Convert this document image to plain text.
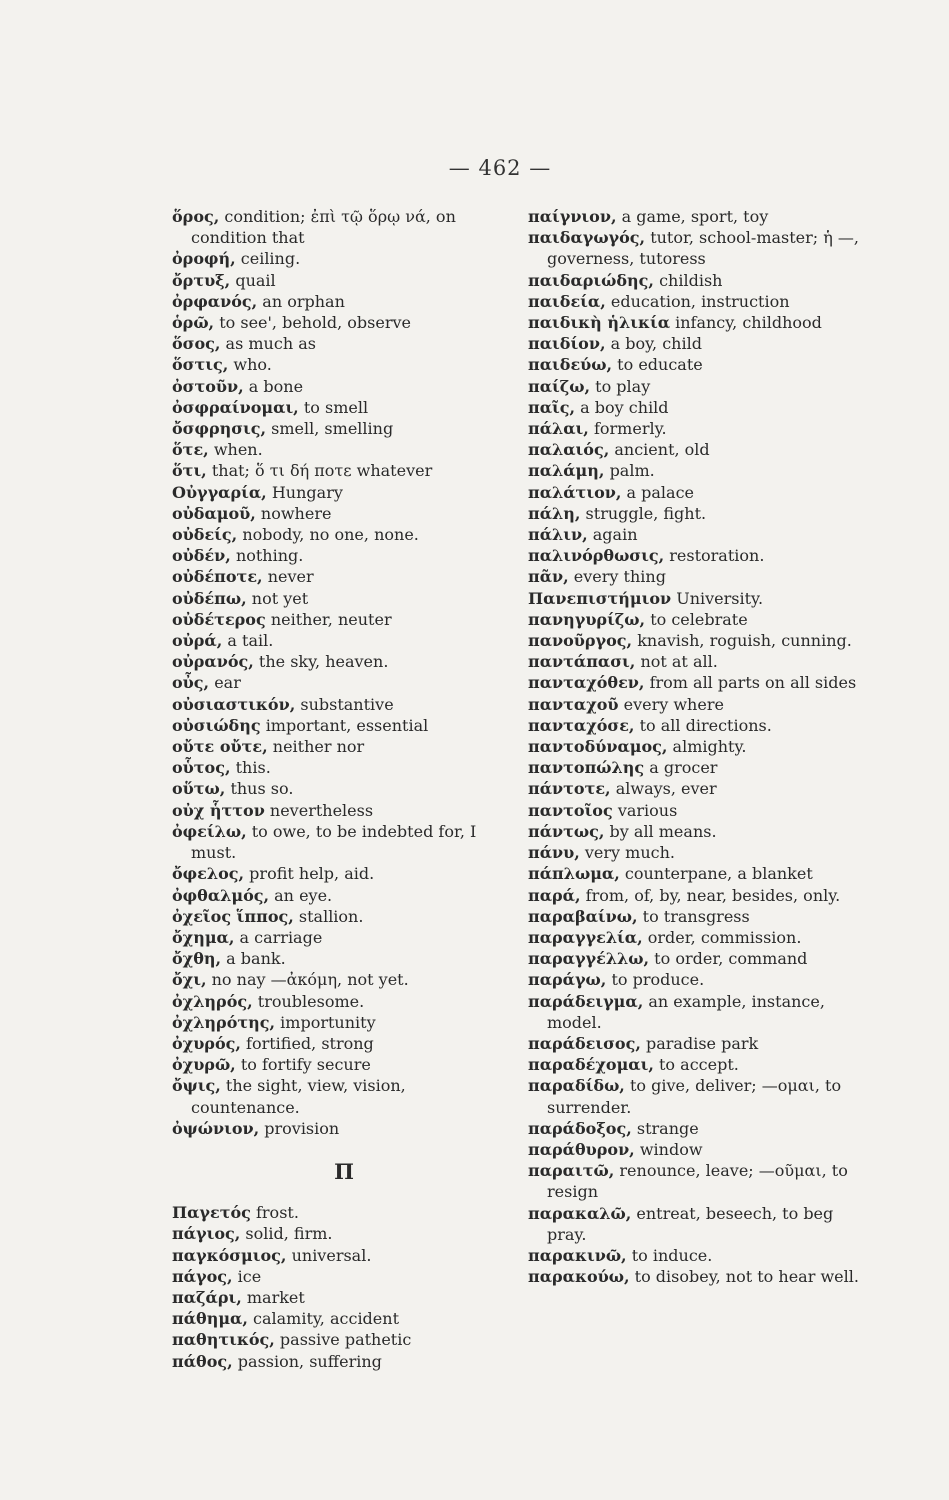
— 462 —

ὅρος, condition; ἐπὶ τῷ ὅρῳ νά, on condition that

ὀροφή, ceiling.

ὄρτυξ, quail

ὀρφανός, an orphan

ὁρῶ, to see', behold, observe

ὅσος, as much as

ὅστις, who.

ὀστοῦν, a bone

ὀσφραίνομαι, to smell

ὄσφρησις, smell, smelling

ὅτε, when.

ὅτι, that; ὅ τι δή ποτε whatever

Οὐγγαρία, Hungary

οὐδαμοῦ, nowhere

οὐδείς, nobody, no one, none.

οὐδέν, nothing.

οὐδέποτε, never

οὐδέπω, not yet

οὐδέτερος neither, neuter

οὐρά, a tail.

οὐρανός, the sky, heaven.

οὖς, ear

οὐσιαστικόν, substantive

οὐσιώδης important, essential

οὔτε οὔτε, neither nor

οὗτος, this.

οὕτω, thus so.

οὐχ ἧττον nevertheless

ὀφείλω, to owe, to be indebted for, I must.

ὄφελος, profit help, aid.

ὀφθαλμός, an eye.

ὀχεῖος ἵππος, stallion.

ὄχημα, a carriage

ὄχθη, a bank.

ὄχι, no nay —ἀκόμη, not yet.

ὀχληρός, troublesome.

ὀχληρότης, importunity

ὀχυρός, fortified, strong

ὀχυρῶ, to fortify secure

ὄψις, the sight, view, vision, countenance.

ὀψώνιον, provision

Π

Παγετός frost.

πάγιος, solid, firm.

παγκόσμιος, universal.

πάγος, ice

παζάρι, market

πάθημα, calamity, accident

παθητικός, passive pathetic

πάθος, passion, suffering

παίγνιον, a game, sport, toy

παιδαγωγός, tutor, school-master; ἡ —, governess, tutoress

παιδαριώδης, childish

παιδεία, education, instruction

παιδικὴ ἡλικία infancy, childhood

παιδίον, a boy, child

παιδεύω, to educate

παίζω, to play

παῖς, a boy child

πάλαι, formerly.

παλαιός, ancient, old

παλάμη, palm.

παλάτιον, a palace

πάλη, struggle, fight.

πάλιν, again

παλινόρθωσις, restoration.

πᾶν, every thing

Πανεπιστήμιον University.

πανηγυρίζω, to celebrate

πανοῦργος, knavish, roguish, cunning.

παντάπασι, not at all.

πανταχόθεν, from all parts on all sides

πανταχοῦ every where

πανταχόσε, to all directions.

παντοδύναμος, almighty.

παντοπώλης a grocer

πάντοτε, always, ever

παντοῖος various

πάντως, by all means.

πάνυ, very much.

πάπλωμα, counterpane, a blanket

παρά, from, of, by, near, besides, only.

παραβαίνω, to transgress

παραγγελία, order, commission.

παραγγέλλω, to order, command

παράγω, to produce.

παράδειγμα, an example, instance, model.

παράδεισος, paradise park

παραδέχομαι, to accept.

παραδίδω, to give, deliver; —ομαι, to surrender.

παράδοξος, strange

παράθυρον, window

παραιτῶ, renounce, leave; —οῦμαι, to resign

παρακαλῶ, entreat, beseech, to beg pray.

παρακινῶ, to induce.

παρακούω, to disobey, not to hear well.
